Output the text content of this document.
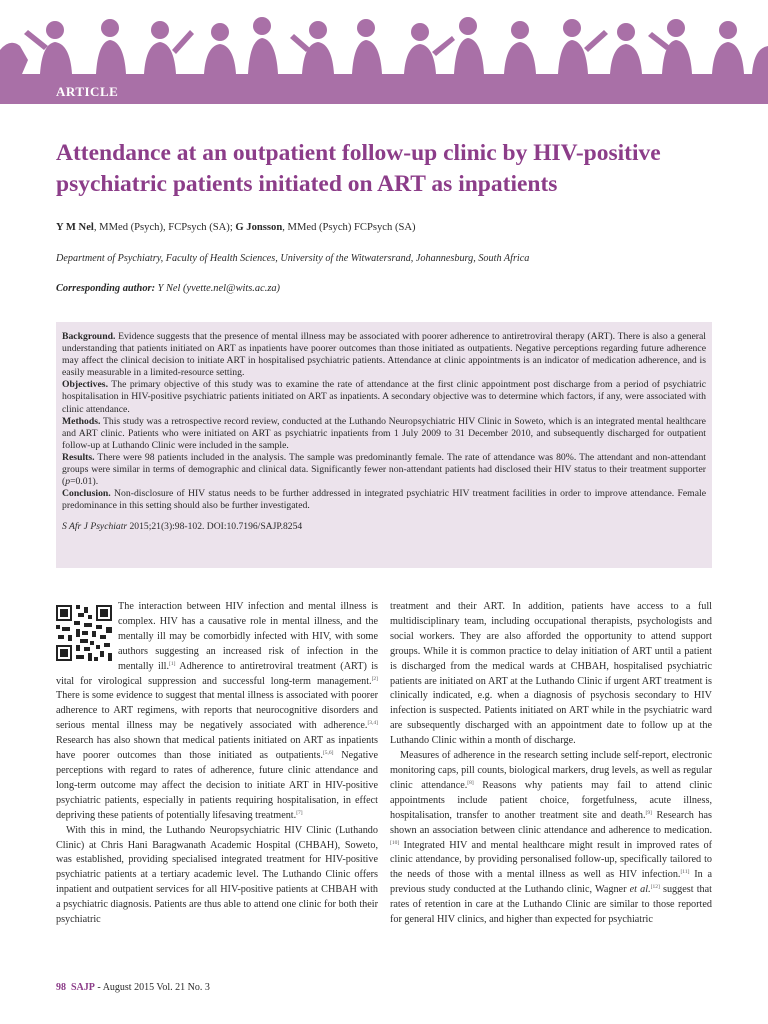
ARTICLE
Attendance at an outpatient follow-up clinic by HIV-positive psychiatric patients initiated on ART as inpatients
Y M Nel, MMed (Psych), FCPsych (SA); G Jonsson, MMed (Psych) FCPsych (SA)
Department of Psychiatry, Faculty of Health Sciences, University of the Witwatersrand, Johannesburg, South Africa
Corresponding author: Y Nel (yvette.nel@wits.ac.za)

Background. Evidence suggests that the presence of mental illness may be associated with poorer adherence to antiretroviral therapy (ART). There is also a general understanding that patients initiated on ART as inpatients have poorer outcomes than those initiated as outpatients. Negative perceptions regarding future adherence may affect the clinical decision to initiate ART in hospitalised psychiatric patients. Attendance at clinic appointments is an indicator of medication adherence, and is easily measurable in a limited-resource setting.

Objectives. The primary objective of this study was to examine the rate of attendance at the first clinic appointment post discharge from a period of psychiatric hospitalisation in HIV-positive psychiatric patients initiated on ART as inpatients. A secondary objective was to determine which factors, if any, were associated with clinic attendance.

Methods. This study was a retrospective record review, conducted at the Luthando Neuropsychiatric HIV Clinic in Soweto, which is an integrated mental healthcare and ART clinic. Patients who were initiated on ART as psychiatric inpatients from 1 July 2009 to 31 December 2010, and subsequently discharged for outpatient follow-up at Luthando Clinic were included in the sample.

Results. There were 98 patients included in the analysis. The sample was predominantly female. The rate of attendance was 80%. The attendant and non-attendant groups were similar in terms of demographic and clinical data. Significantly fewer non-attendant patients had disclosed their HIV status to their treatment supporter (p=0.01).

Conclusion. Non-disclosure of HIV status needs to be further addressed in integrated psychiatric HIV treatment facilities in order to improve attendance. Female predominance in this setting should also be further investigated.

S Afr J Psychiatr 2015;21(3):98-102. DOI:10.7196/SAJP.8254

The interaction between HIV infection and mental illness is complex. HIV has a causative role in mental illness, and the mentally ill may be comorbidly infected with HIV, with some authors suggesting an increased risk of infection in the mentally ill.[1] Adherence to antiretroviral treatment (ART) is vital for virological suppression and successful long-term management.[2] There is some evidence to suggest that mental illness is associated with poorer adherence to ART regimens, with reports that neurocognitive disorders and serious mental illness may be negatively associated with adherence.[3,4] Research has also shown that medical patients initiated on ART as inpatients have poorer outcomes than those initiated as outpatients.[5,6] Negative perceptions with regard to rates of adherence, future clinic attendance and long-term outcome may affect the decision to initiate ART in HIV-positive psychiatric patients, especially in patients requiring hospitalisation, in effect depriving these patients of potentially lifesaving treatment.[7]

With this in mind, the Luthando Neuropsychiatric HIV Clinic (Luthando Clinic) at Chris Hani Baragwanath Academic Hospital (CHBAH), Soweto, was established, providing specialised integrated treatment for HIV-positive psychiatric patients at a tertiary academic level. The Luthando Clinic offers inpatient and outpatient services for all HIV-positive patients at CHBAH with a psychiatric diagnosis. Patients are thus able to attend one clinic for both their psychiatric

treatment and their ART. In addition, patients have access to a full multidisciplinary team, including occupational therapists, psychologists and social workers. They are also afforded the opportunity to attend support groups. While it is common practice to delay initiation of ART until a patient is discharged from the medical wards at CHBAH, hospitalised psychiatric patients are initiated on ART at the Luthando Clinic if urgent ART treatment is clinically indicated, e.g. when a diagnosis of psychosis secondary to HIV infection is suspected. Patients initiated on ART while in the psychiatric ward are subsequently discharged with an appointment date to follow up at the Luthando Clinic within a month of discharge.

Measures of adherence in the research setting include self-report, electronic monitoring caps, pill counts, biological markers, drug levels, as well as regular clinic attendance.[8] Reasons why patients may fail to attend clinic appointments include patient choice, forgetfulness, acute illness, hospitalisation, transfer to another treatment site and death.[9] Research has shown an association between clinic attendance and adherence to medication.[10] Integrated HIV and mental healthcare might result in improved rates of clinic attendance, by providing personalised follow-up, specifically tailored to the needs of those with a mental illness as well as HIV infection.[11] In a previous study conducted at the Luthando clinic, Wagner et al.[12] suggest that rates of retention in care at the Luthando Clinic are similar to those reported for general HIV clinics, and higher than expected for psychiatric

98 SAJP - August 2015 Vol. 21 No. 3
